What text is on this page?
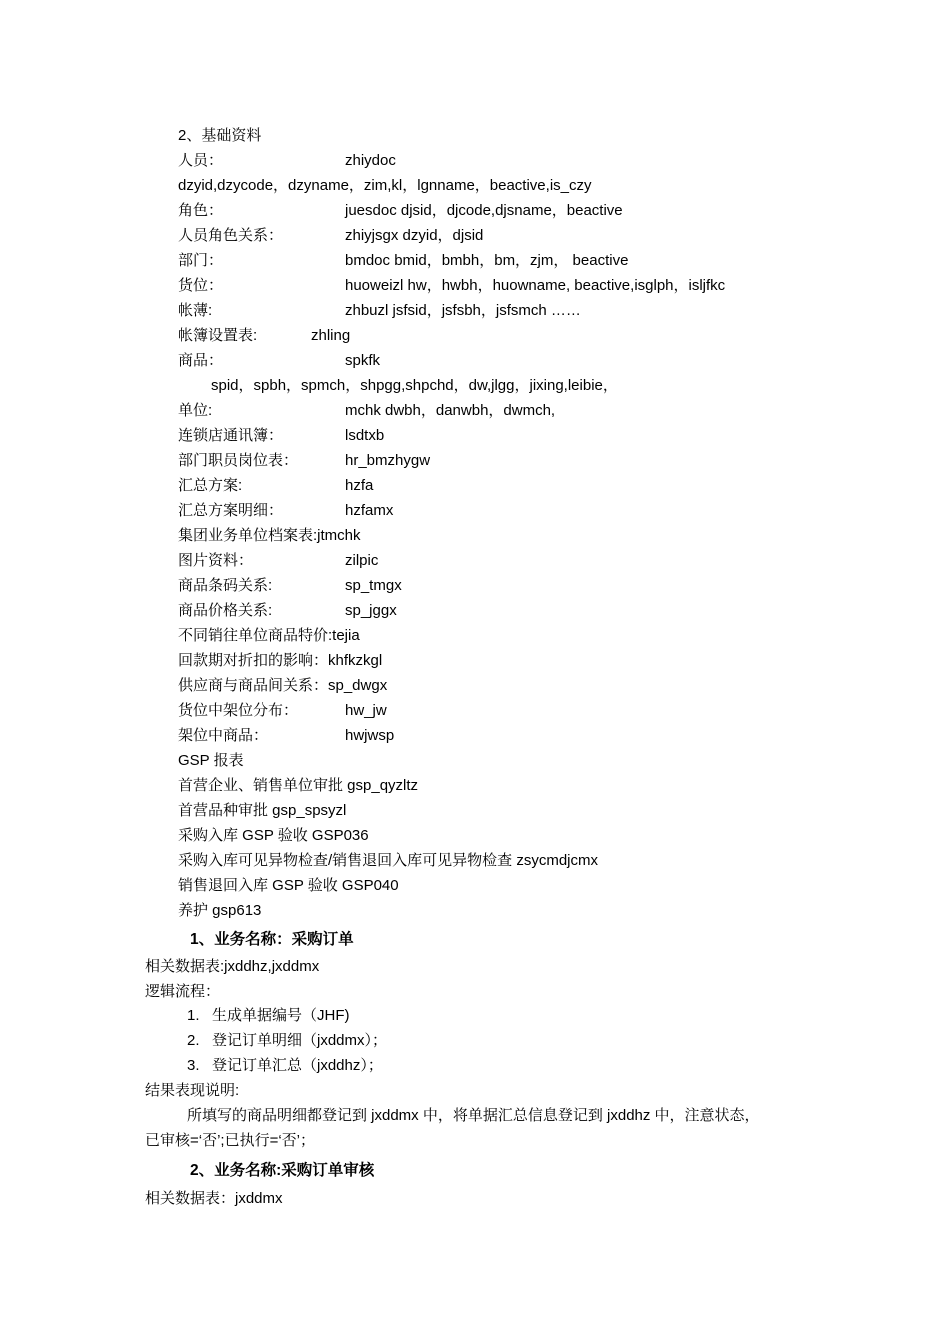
2、基础资料
人员：	zhiydoc
dzyid,dzycode，dzyname，zim,kl，lgnname，beactive,is_czy
角色：	juesdoc djsid，djcode,djsname，beactive
人员角色关系：	zhiyjsgx dzyid，djsid
部门：	bmdoc bmid，bmbh，bm，zjm， beactive
货位：	huoweizl hw，hwbh，huowname, beactive,isglph，isljfkc
帐薄:	zhbuzl jsfsid，jsfsbh，jsfsmch ……
帐簿设置表:	zhling
商品：	spkfk
spid，spbh，spmch，shpgg,shpchd，dw,jlgg，jixing,leibie，
单位:	mchk dwbh，danwbh，dwmch,
连锁店通讯簿：	lsdtxb
部门职员岗位表：	hr_bmzhygw
汇总方案:	hzfa
汇总方案明细：	hzfamx
集团业务单位档案表:jtmchk
图片资料：	zilpic
商品条码关系:	sp_tmgx
商品价格关系:	sp_jggx
不同销往单位商品特价:tejia
回款期对折扣的影响：khfkzkgl
供应商与商品间关系：sp_dwgx
货位中架位分布：	hw_jw
架位中商品：	hwjwsp
GSP 报表
首营企业、销售单位审批 gsp_qyzltz
首营品种审批 gsp_spsyzl
采购入库 GSP 验收 GSP036
采购入库可见异物检查/销售退回入库可见异物检查 zsycmdjcmx
销售退回入库 GSP 验收 GSP040
养护 gsp613
1、业务名称：采购订单
相关数据表:jxddhz,jxddmx
逻辑流程：
1. 生成单据编号（JHF)
2. 登记订单明细（jxddmx）；
3. 登记订单汇总（jxddhz）；
结果表现说明:
所填写的商品明细都登记到 jxddmx 中，将单据汇总信息登记到 jxddhz 中，注意状态，
已审核=‘否’;已执行=‘否’；
2、业务名称:采购订单审核
相关数据表：jxddmx
